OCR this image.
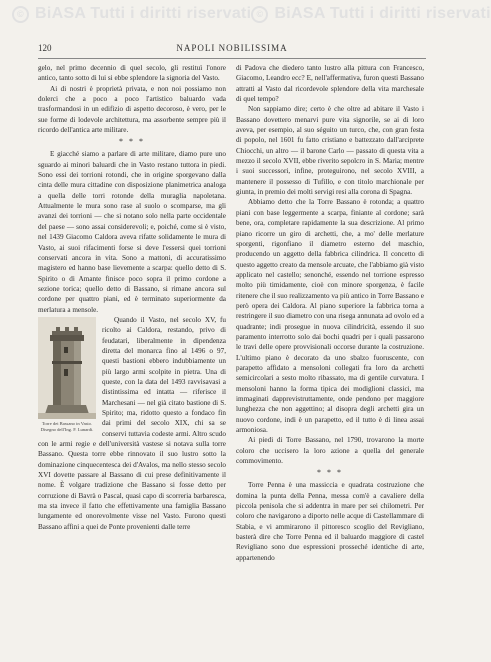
© BiASA Tutti i diritti riservati © BiASA Tutti i diritti riservati
120	NAPOLI NOBILISSIMA

gelo, nel primo decennio di quel secolo, gli restituì l'onore antico, tanto sotto di lui si ebbe splendore la signoria del Vasto.

Ai di nostri è proprietà privata, e non noi possiamo non dolerci che a poco a poco l'artistico baluardo vada trasformandosi in un edifizio di aspetto decoroso, è vero, per le sue forme di lodevole architettura, ma assorbente sempre più il ricordo dell'antica arte militare.

* * *

E giacché siamo a parlare di arte militare, diamo pure uno sguardo ai minori baluardi che in Vasto restano tuttora in piedi. Sono essi dei torrioni rotondi, che in origine sporgevano dalla cinta delle mura cittadine con disposizione planimetrica analoga a quella delle torri rotonde della muraglia napoletana. Attualmente le mura sono rase al suolo o scomparse, ma gli avanzi dei torrioni — che si notano solo nella parte occidentale del paese — sono assai considerevoli; e, poiché, come si è visto, nel 1439 Giacomo Caldora aveva rifatte solidamente le mura di Vasto, ai suoi rifacimenti forse si deve l'essersi quei torrioni conservati ancora in vita. Sono a mattoni, di accuratissimo magistero ed hanno base lievemente a scarpa: quello detto di S. Spirito o di Amante finisce poco sopra il primo cordone a sezione torica; quello detto di Bassano, si rimane ancora sul cordone per quattro piani, ed è terminato superiormente da merlatura a mensole.

Torre dei Bassano in Vasto. Disegno dell'Ing. F. Lunardi.

Quando il Vasto, nel secolo XV, fu ricolto ai Caldora, restando, privo di feudatari, liberalmente in dipendenza diretta del monarca fino al 1496 o 97, questi bastioni ebbero indubbiamente un più largo armi scolpite in pietra. Una di queste, con la data del 1493 ravvisavasi a distintissima ed intatta — riferisce il Marchesani — nel già citato bastione di S. Spirito; ma, ridotto questo a fondaco fin dai primi del secolo XIX, chi sa se conservi tuttavia codeste armi. Altro scudo con le armi regie e dell'università vastese si notava sulla torre Bassano. Questa torre ebbe rinnovato il suo lustro sotto la dominazione cinquecentesca dei d'Avalos, ma nello stesso secolo XVI dovette passare al Bassano di cui prese definitivamente il nome. È volgare tradizione che Bassano si fosse detto per corruzione di Bavrà o Pascal, quasi capo di scorreria barbaresca, ma sta invece il fatto che effettivamente una famiglia Bassano lungamente ed onorevolmente visse nel Vasto. Furono questi Bassano affini a quei de Ponte provenienti dalle terre

di Padova che diedero tanto lustro alla pittura con Francesco, Giacomo, Leandro ecc? E, nell'affermativa, furon questi Bassano attratti al Vasto dal ricordevole splendore della vita marchesale di quel tempo?

Non sappiamo dire; certo è che oltre ad abitare il Vasto i Bassano dovettero menarvi pure vita signorile, se ai di loro aveva, per esempio, al suo séguito un turco, che, con gran festa di popolo, nel 1601 fu fatto cristiano e battezzato dall'arciprete Chiocchi, un altro — il barone Carlo — passato di questa vita a mezzo il secolo XVII, ebbe riverito sepolcro in S. Maria; mentre i suoi successori, infine, proteguirono, nel secolo XVIII, a mantenere il possesso di Tufillo, e con titolo marchionale per giunta, in premio dei molti servigi resi alla corona di Spagna.

Abbiamo detto che la Torre Bassano è rotonda; a quattro piani con base leggermente a scarpa, finiante al cordone; sarà bene, ora, completare rapidamente la sua descrizione. Al primo piano ricorre un giro di archetti, che, a mo' delle merlature sporgenti, rigonfiano il diametro esterno del maschio, producendo un aggetto della fabbrica cilindrica. Il concetto di questo aggetto creato da mensole arcuate, che l'abbiamo già visto applicato nel castello; senonché, essendo nel torrione espresso molto più timidamente, cioè con minore sporgenza, è facile ritenere che il suo realizzamento va più antico in Torre Bassano e però opera dei Caldora. Al piano superiore la fabbrica torna a restringere il suo diametro con una risega annunata ad ovolo ed a quadrante; indi prosegue in nuova cilindricità, essendo il suo paramento interrotto solo dai bochi quadri per i quali passarono le travi delle opere provvisionali occorse durante la costruzione. L'ultimo piano è decorato da uno sbalzo fuoruscente, con parapetto affidato a mensoloni collegati fra loro da archetti semicircolari a sesto molto ribassato, ma di gentile curvatura. I mensoloni hanno la forma tipica dei modiglioni classici, ma immaginati dapprevistruttamente, onde pendono per maggiore lunghezza che non aggettino; al disopra degli archetti gira un nuovo cordone, indi è un parapetto, ed il tutto è di linea assai armoniosa.

Ai piedi di Torre Bassano, nel 1790, trovarono la morte coloro che uccisero la loro azione a quella del generale commovimento.

* * *

Torre Penna è una massiccia e quadrata costruzione che domina la punta della Penna, messa com'è a cavaliere della piccola penisola che si addentra in mare per sei chilometri. Per coloro che navigarono a diporto nelle acque di Castellammare di Stabia, e vi ammirarono il pittoresco scoglio del Revigliano, basterà dire che Torre Penna ed il baluardo maggiore di castel Revigliano sono due espressioni prosseché identiche di arte, appartenendo
